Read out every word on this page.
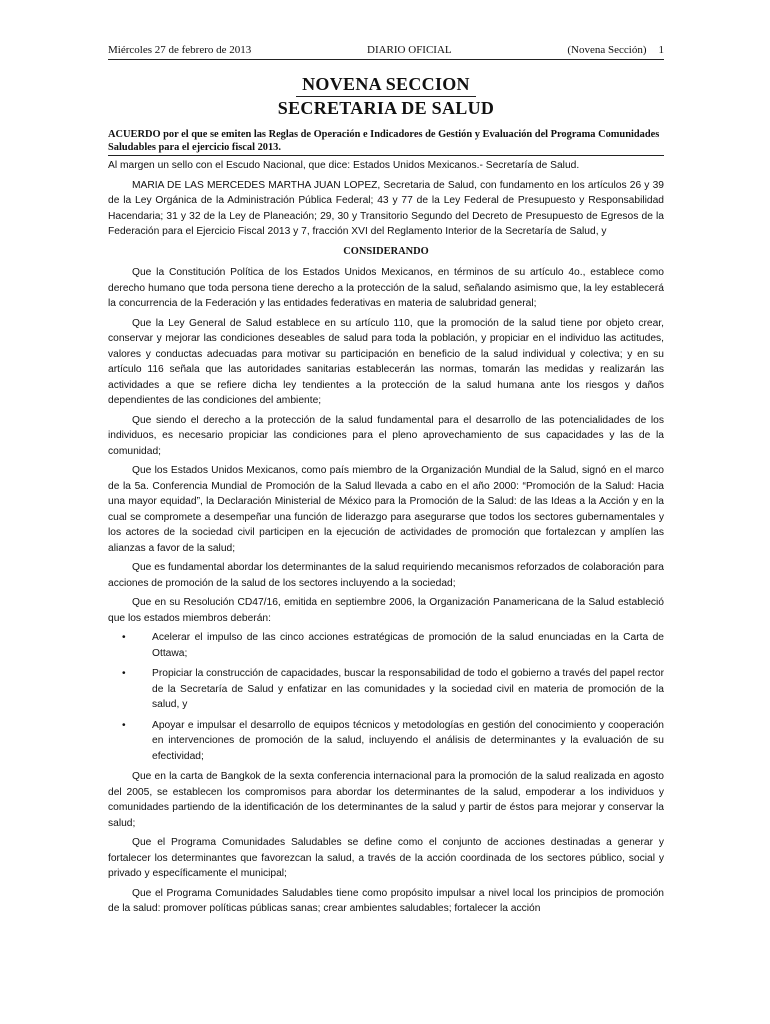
Miércoles 27 de febrero de 2013	DIARIO OFICIAL	(Novena Sección) 1
NOVENA SECCION
SECRETARIA DE SALUD
ACUERDO por el que se emiten las Reglas de Operación e Indicadores de Gestión y Evaluación del Programa Comunidades Saludables para el ejercicio fiscal 2013.

Al margen un sello con el Escudo Nacional, que dice: Estados Unidos Mexicanos.- Secretaría de Salud.

MARIA DE LAS MERCEDES MARTHA JUAN LOPEZ, Secretaria de Salud, con fundamento en los artículos 26 y 39 de la Ley Orgánica de la Administración Pública Federal; 43 y 77 de la Ley Federal de Presupuesto y Responsabilidad Hacendaria; 31 y 32 de la Ley de Planeación; 29, 30 y Transitorio Segundo del Decreto de Presupuesto de Egresos de la Federación para el Ejercicio Fiscal 2013 y 7, fracción XVI del Reglamento Interior de la Secretaría de Salud, y

CONSIDERANDO

Que la Constitución Política de los Estados Unidos Mexicanos, en términos de su artículo 4o., establece como derecho humano que toda persona tiene derecho a la protección de la salud, señalando asimismo que, la ley establecerá la concurrencia de la Federación y las entidades federativas en materia de salubridad general;

Que la Ley General de Salud establece en su artículo 110, que la promoción de la salud tiene por objeto crear, conservar y mejorar las condiciones deseables de salud para toda la población, y propiciar en el individuo las actitudes, valores y conductas adecuadas para motivar su participación en beneficio de la salud individual y colectiva; y en su artículo 116 señala que las autoridades sanitarias establecerán las normas, tomarán las medidas y realizarán las actividades a que se refiere dicha ley tendientes a la protección de la salud humana ante los riesgos y daños dependientes de las condiciones del ambiente;

Que siendo el derecho a la protección de la salud fundamental para el desarrollo de las potencialidades de los individuos, es necesario propiciar las condiciones para el pleno aprovechamiento de sus capacidades y las de la comunidad;

Que los Estados Unidos Mexicanos, como país miembro de la Organización Mundial de la Salud, signó en el marco de la 5a. Conferencia Mundial de Promoción de la Salud llevada a cabo en el año 2000: “Promoción de la Salud: Hacia una mayor equidad”, la Declaración Ministerial de México para la Promoción de la Salud: de las Ideas a la Acción y en la cual se compromete a desempeñar una función de liderazgo para asegurarse que todos los sectores gubernamentales y los actores de la sociedad civil participen en la ejecución de actividades de promoción que fortalezcan y amplíen las alianzas a favor de la salud;

Que es fundamental abordar los determinantes de la salud requiriendo mecanismos reforzados de colaboración para acciones de promoción de la salud de los sectores incluyendo a la sociedad;

Que en su Resolución CD47/16, emitida en septiembre 2006, la Organización Panamericana de la Salud estableció que los estados miembros deberán:

•	Acelerar el impulso de las cinco acciones estratégicas de promoción de la salud enunciadas en la Carta de Ottawa;
•	Propiciar la construcción de capacidades, buscar la responsabilidad de todo el gobierno a través del papel rector de la Secretaría de Salud y enfatizar en las comunidades y la sociedad civil en materia de promoción de la salud, y
•	Apoyar e impulsar el desarrollo de equipos técnicos y metodologías en gestión del conocimiento y cooperación en intervenciones de promoción de la salud, incluyendo el análisis de determinantes y la evaluación de su efectividad;

Que en la carta de Bangkok de la sexta conferencia internacional para la promoción de la salud realizada en agosto del 2005, se establecen los compromisos para abordar los determinantes de la salud, empoderar a los individuos y comunidades partiendo de la identificación de los determinantes de la salud y partir de éstos para mejorar y conservar la salud;

Que el Programa Comunidades Saludables se define como el conjunto de acciones destinadas a generar y fortalecer los determinantes que favorezcan la salud, a través de la acción coordinada de los sectores público, social y privado y específicamente el municipal;

Que el Programa Comunidades Saludables tiene como propósito impulsar a nivel local los principios de promoción de la salud: promover políticas públicas sanas; crear ambientes saludables; fortalecer la acción
